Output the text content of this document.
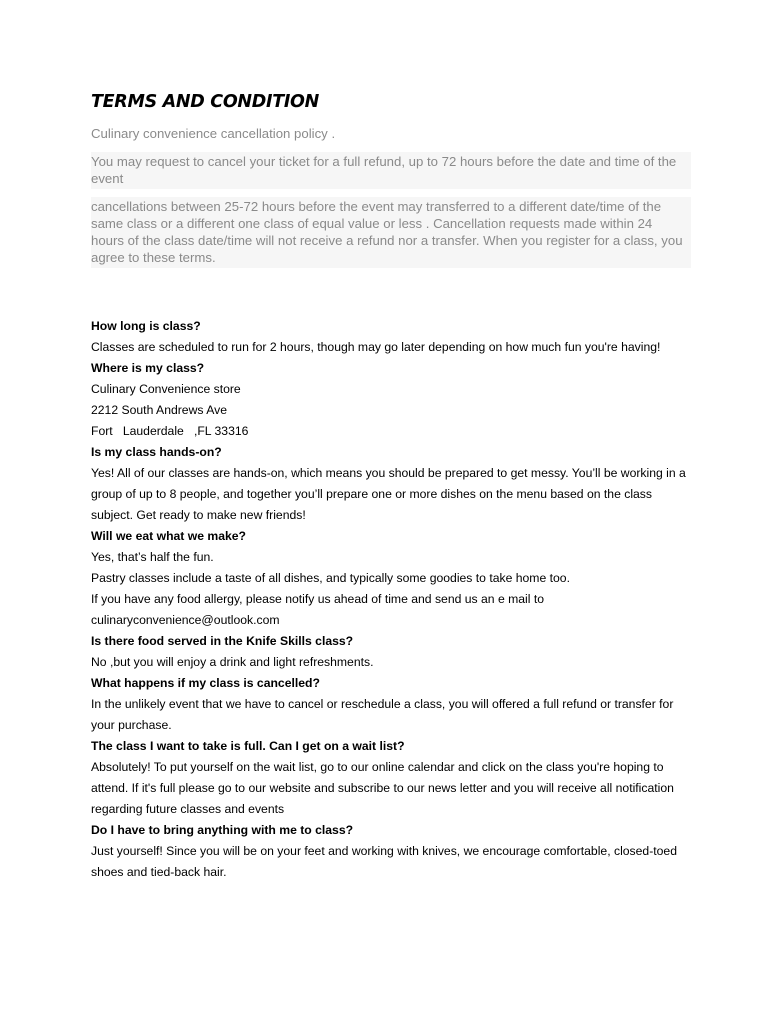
TERMS AND CONDITION

Culinary convenience cancellation policy .

You may request to cancel your ticket for a full refund, up to 72 hours before the date and time of the event

cancellations between 25-72 hours before the event may transferred to a different date/time of the same class or a different one class of equal value or less . Cancellation requests made within 24 hours of the class date/time will not receive a refund nor a transfer. When you register for a class, you agree to these terms.

How long is class?

Classes are scheduled to run for 2 hours, though may go later depending on how much fun you're having!

Where is my class?

Culinary Convenience store

2212 South Andrews Ave

Fort   Lauderdale   ,FL 33316

Is my class hands-on?

Yes! All of our classes are hands-on, which means you should be prepared to get messy. You’ll be working in a group of up to 8 people, and together you’ll prepare one or more dishes on the menu based on the class subject. Get ready to make new friends!

Will we eat what we make?

Yes, that’s half the fun.

Pastry classes include a taste of all dishes, and typically some goodies to take home too.

If you have any food allergy, please notify us ahead of time and send us an e mail to

culinaryconvenience@outlook.com

Is there food served in the Knife Skills class?

No ,but you will enjoy a drink and light refreshments.

What happens if my class is cancelled?

In the unlikely event that we have to cancel or reschedule a class, you will offered a full refund or transfer for your purchase.

The class I want to take is full. Can I get on a wait list?

Absolutely! To put yourself on the wait list, go to our online calendar and click on the class you're hoping to attend. If it's full please go to our website and subscribe to our news letter and you will receive all notification regarding future classes and events

Do I have to bring anything with me to class?

Just yourself! Since you will be on your feet and working with knives, we encourage comfortable, closed-toed shoes and tied-back hair.
